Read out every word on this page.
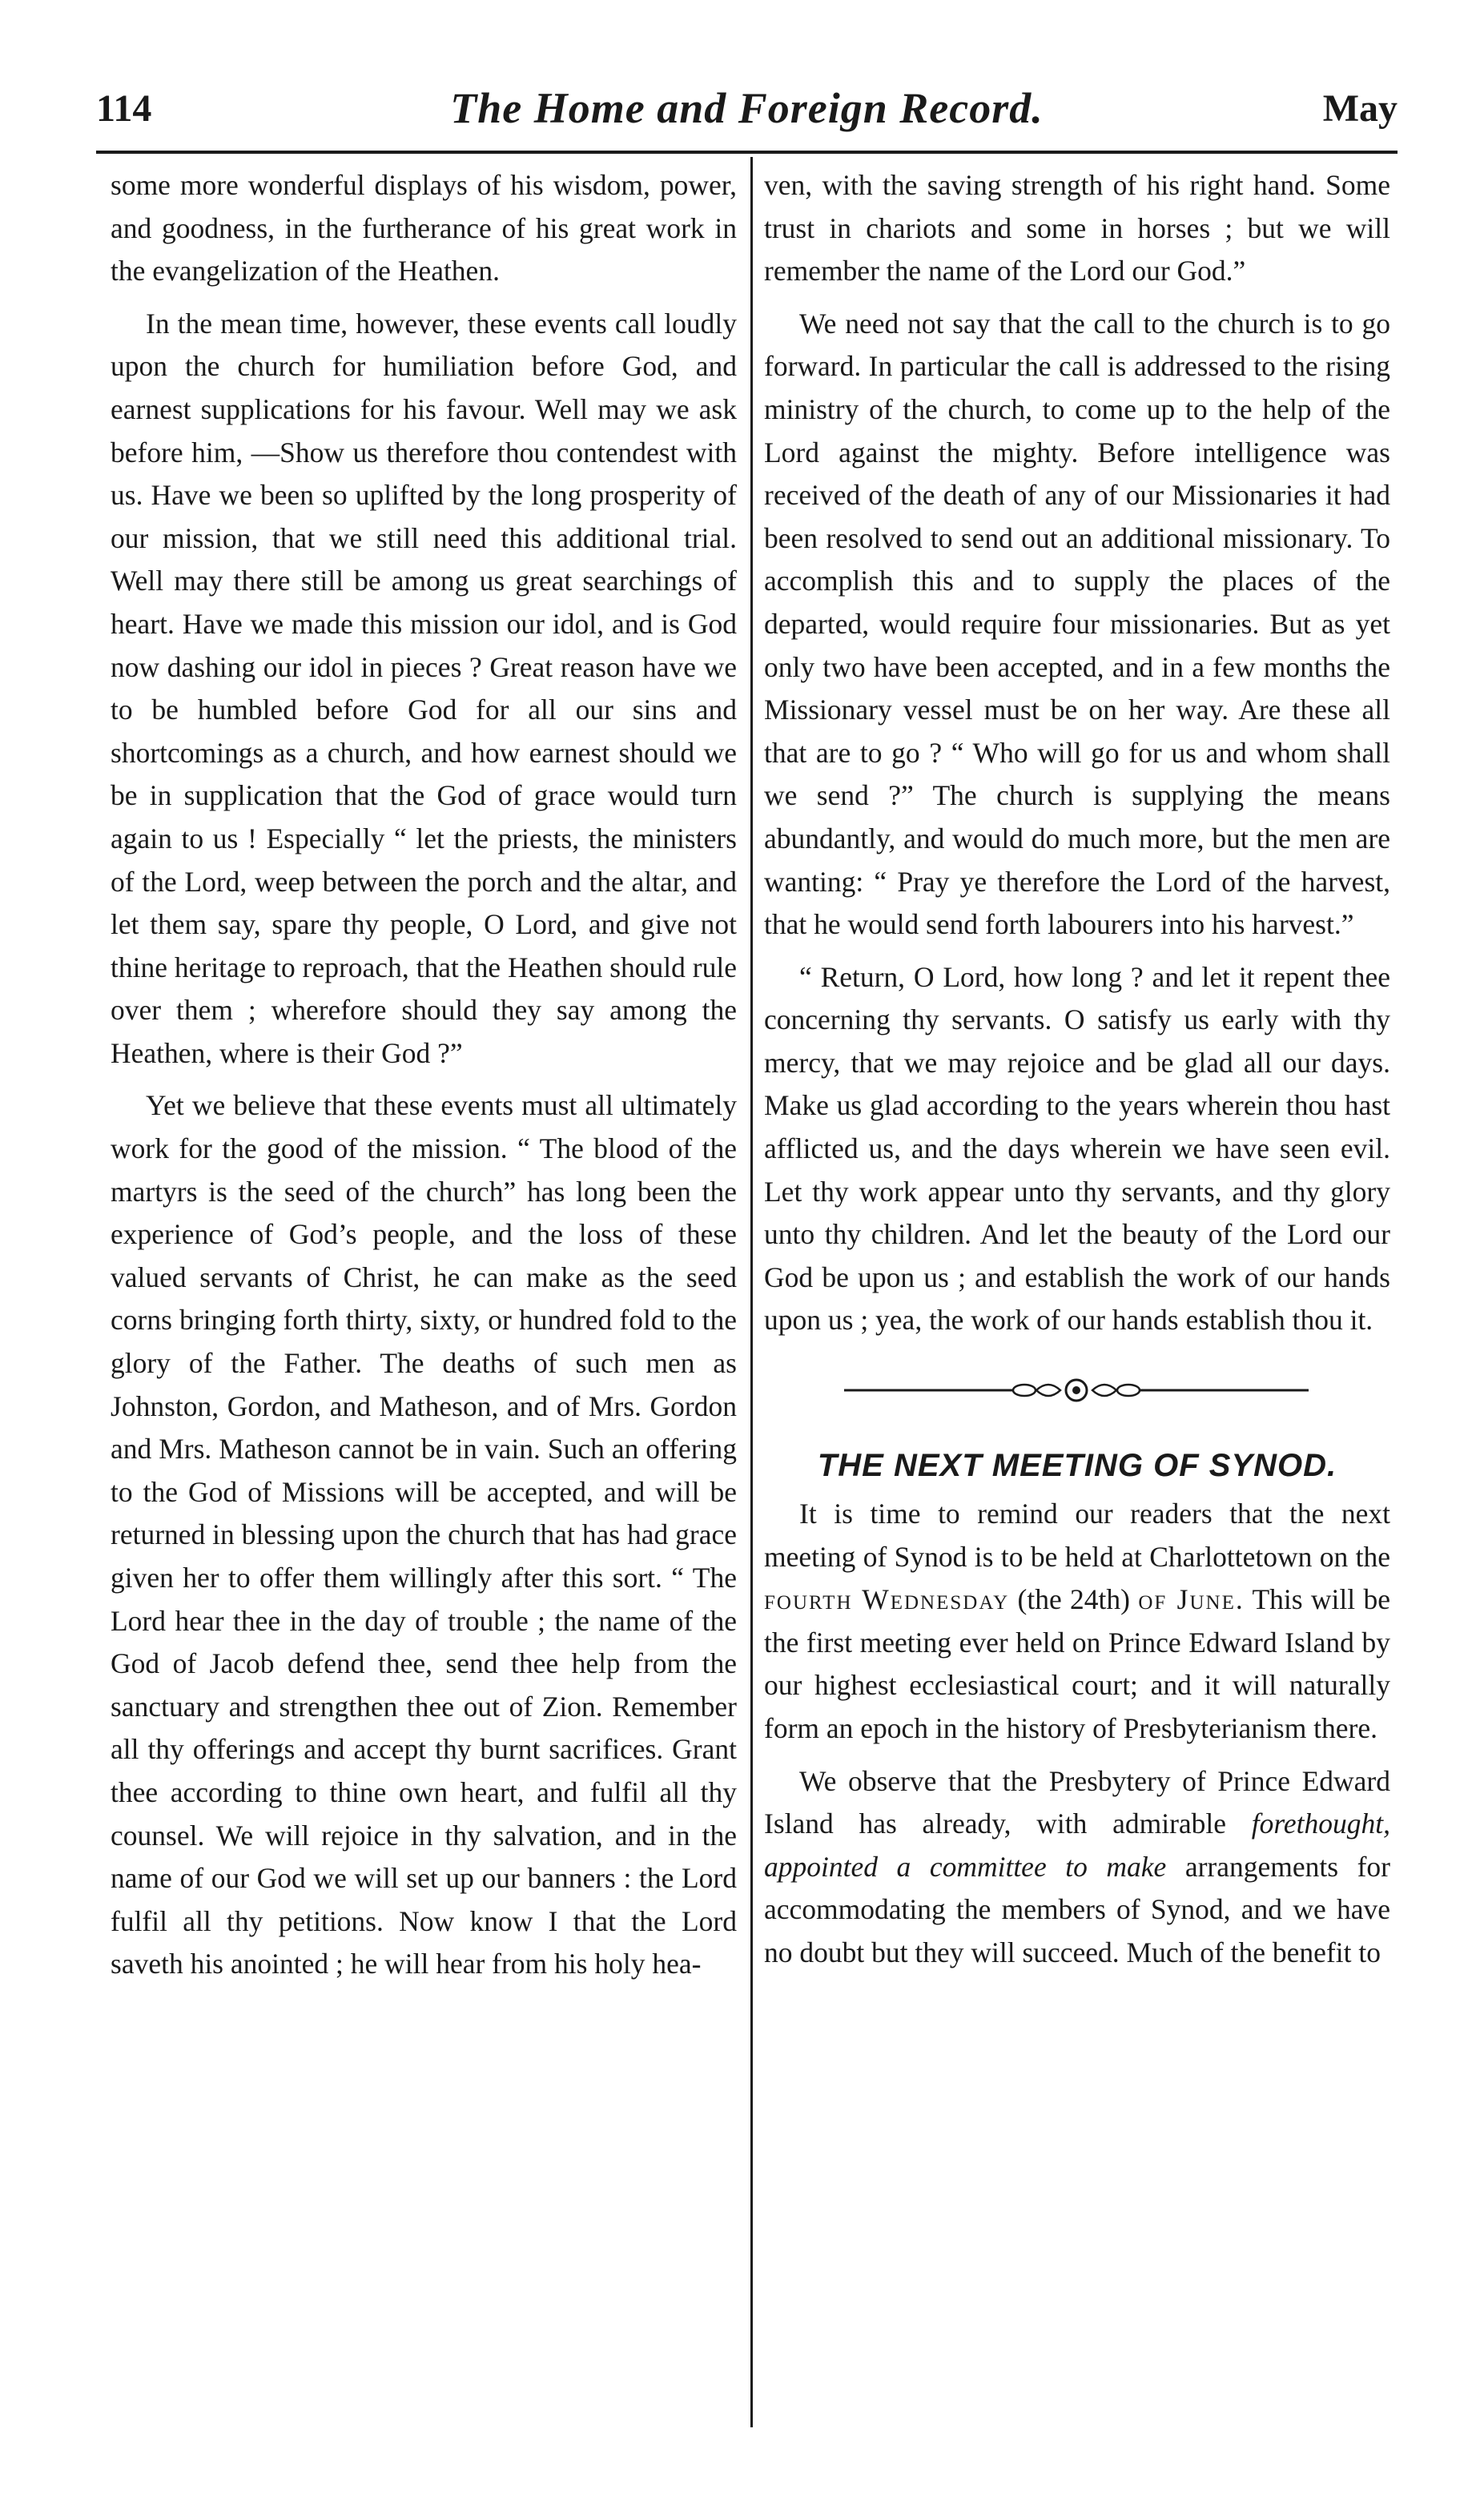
114	The Home and Foreign Record.	May

some more wonderful displays of his wisdom, power, and goodness, in the furtherance of his great work in the evangelization of the Heathen.

In the mean time, however, these events call loudly upon the church for humiliation before God, and earnest supplications for his favour. Well may we ask before him, —Show us therefore thou contendest with us. Have we been so uplifted by the long prosperity of our mission, that we still need this additional trial. Well may there still be among us great searchings of heart. Have we made this mission our idol, and is God now dashing our idol in pieces ? Great reason have we to be humbled before God for all our sins and shortcomings as a church, and how earnest should we be in supplication that the God of grace would turn again to us ! Especially “ let the priests, the ministers of the Lord, weep between the porch and the altar, and let them say, spare thy people, O Lord, and give not thine heritage to reproach, that the Heathen should rule over them ; wherefore should they say among the Heathen, where is their God ?”

Yet we believe that these events must all ultimately work for the good of the mission. “ The blood of the martyrs is the seed of the church” has long been the experience of God’s people, and the loss of these valued servants of Christ, he can make as the seed corns bringing forth thirty, sixty, or hundred fold to the glory of the Father. The deaths of such men as Johnston, Gordon, and Matheson, and of Mrs. Gordon and Mrs. Matheson cannot be in vain. Such an offering to the God of Missions will be accepted, and will be returned in blessing upon the church that has had grace given her to offer them willingly after this sort. “ The Lord hear thee in the day of trouble ; the name of the God of Jacob defend thee, send thee help from the sanctuary and strengthen thee out of Zion. Remember all thy offerings and accept thy burnt sacrifices. Grant thee according to thine own heart, and fulfil all thy counsel. We will rejoice in thy salvation, and in the name of our God we will set up our banners : the Lord fulfil all thy petitions. Now know I that the Lord saveth his anointed ; he will hear from his holy hea-

ven, with the saving strength of his right hand. Some trust in chariots and some in horses ; but we will remember the name of the Lord our God.”

We need not say that the call to the church is to go forward. In particular the call is addressed to the rising ministry of the church, to come up to the help of the Lord against the mighty. Before intelligence was received of the death of any of our Missionaries it had been resolved to send out an additional missionary. To accomplish this and to supply the places of the departed, would require four missionaries. But as yet only two have been accepted, and in a few months the Missionary vessel must be on her way. Are these all that are to go ? “ Who will go for us and whom shall we send ?” The church is supplying the means abundantly, and would do much more, but the men are wanting: “ Pray ye therefore the Lord of the harvest, that he would send forth labourers into his harvest.”

“ Return, O Lord, how long ? and let it repent thee concerning thy servants. O satisfy us early with thy mercy, that we may rejoice and be glad all our days. Make us glad according to the years wherein thou hast afflicted us, and the days wherein we have seen evil. Let thy work appear unto thy servants, and thy glory unto thy children. And let the beauty of the Lord our God be upon us ; and establish the work of our hands upon us ; yea, the work of our hands establish thou it.

THE NEXT MEETING OF SYNOD.

It is time to remind our readers that the next meeting of Synod is to be held at Charlottetown on the fourth Wednesday (the 24th) of June. This will be the first meeting ever held on Prince Edward Island by our highest ecclesiastical court; and it will naturally form an epoch in the history of Presbyterianism there.

We observe that the Presbytery of Prince Edward Island has already, with admirable forethought, appointed a committee to make arrangements for accommodating the members of Synod, and we have no doubt but they will succeed. Much of the benefit to
